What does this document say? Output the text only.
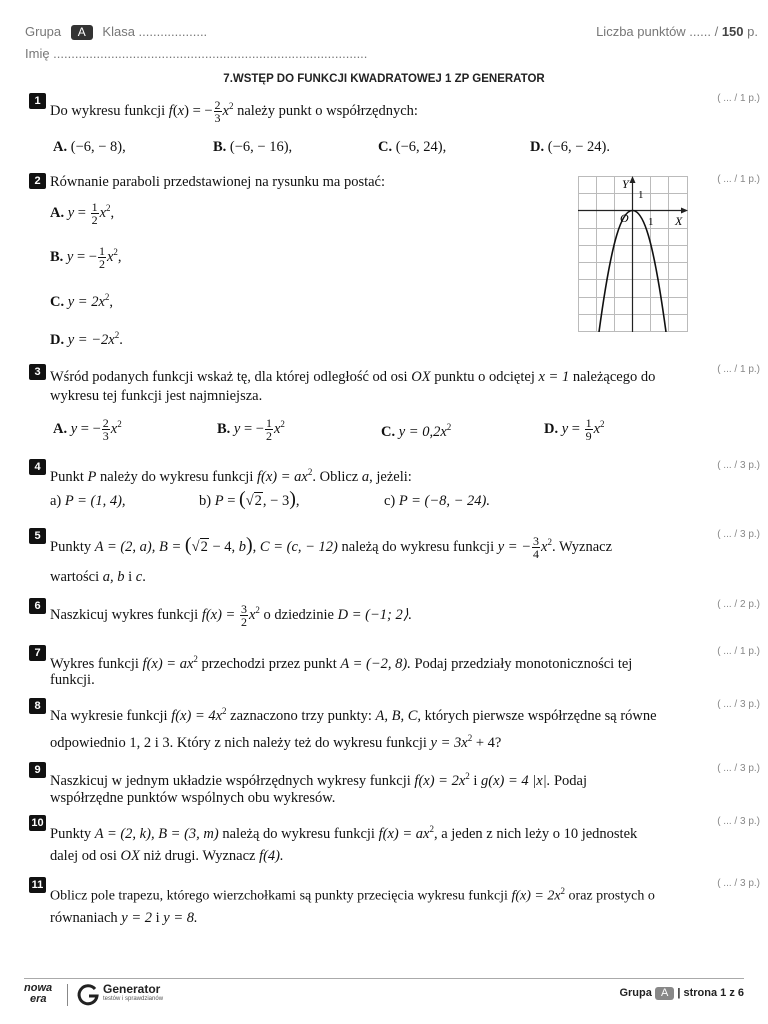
Grupa A Klasa ...................
Imię .......................................................................................
Liczba punktów ...... / 150 p.
7.WSTĘP DO FUNKCJI KWADRATOWEJ 1 ZP GENERATOR
1	( ... / 1 p.)
Do wykresu funkcji f(x) = − $\frac{2}{3} x^2$ należy punkt o współrzędnych:
A. (−6, − 8),	B. (−6, − 16),	C. (−6, 24),	D. (−6, − 24).
2	( ... / 1 p.)
Równanie paraboli przedstawionej na rysunku ma postać:
A. $y = \frac{1}{2} x^2$,
B. y = − $\frac{1}{2} x^2$,
C. $y = 2x^2$,
D. $y = -2x^2$.
Y
1
O 1 X
3	( ... / 1 p.)
Wśród podanych funkcji wskaż tę, dla której odległość od osi OX punktu o odciętej x = 1 należącego do
wykresu tej funkcji jest najmniejsza.
A. y = − $\frac{2}{3} x^2$	B. y = − $\frac{1}{2} x^2$	C. $y = 0,2x^2$	D. $y = \frac{1}{9} x^2$
4	( ... / 3 p.)
Punkt P należy do wykresu funkcji $f(x) = ax^2$. Oblicz a, jeżeli:
a) P = (1, 4),	b) P = (√2, − 3),	c) P = (−8, − 24).
5	( ... / 3 p.)
Punkty A = (2, a), B = (√2 − 4, b), C = (c, − 12) należą do wykresu funkcji y = − $\frac{3}{4} x^2$. Wyznacz
wartości a, b i c.
6	( ... / 2 p.)
Naszkicuj wykres funkcji $f(x) = \frac{3}{2} x^2$ o dziedzinie D = (−1; 2⟩.
7	( ... / 1 p.)
Wykres funkcji $f(x) = ax^2$ przechodzi przez punkt A = (−2, 8). Podaj przedziały monotoniczności tej
funkcji.
8	( ... / 3 p.)
Na wykresie funkcji $f(x) = 4x^2$ zaznaczono trzy punkty: A, B, C, których pierwsze współrzędne są równe
odpowiednio 1, 2 i 3. Który z nich należy też do wykresu funkcji $y = 3x^2 + 4$?
9	( ... / 3 p.)
Naszkicuj w jednym układzie współrzędnych wykresy funkcji $f(x) = 2x^2$ i g(x) = 4 |x|. Podaj
współrzędne punktów wspólnych obu wykresów.
10	( ... / 3 p.)
Punkty A = (2, k), B = (3, m) należą do wykresu funkcji $f(x) = ax^2$, a jeden z nich leży o 10 jednostek
dalej od osi OX niż drugi. Wyznacz f(4).
11	( ... / 3 p.)
Oblicz pole trapezu, którego wierzchołkami są punkty przecięcia wykresu funkcji $f(x) = 2x^2$ oraz prostych o
równaniach y = 2 i y = 8.
nowa
era
Generator
testów i sprawdzianów	Grupa A | strona 1 z 6
